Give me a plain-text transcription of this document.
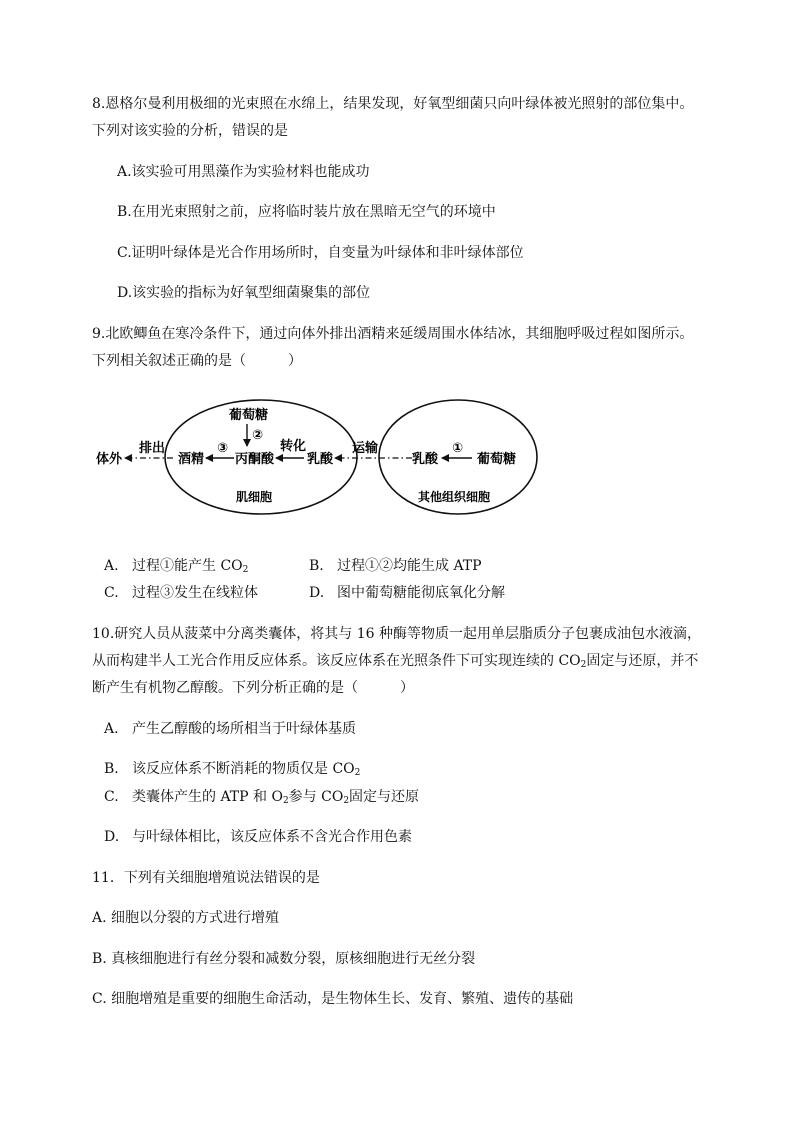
8.恩格尔曼利用极细的光束照在水绵上，结果发现，好氧型细菌只向叶绿体被光照射的部位集中。
下列对该实验的分析，错误的是
A.该实验可用黑藻作为实验材料也能成功
B.在用光束照射之前，应将临时装片放在黑暗无空气的环境中
C.证明叶绿体是光合作用场所时，自变量为叶绿体和非叶绿体部位
D.该实验的指标为好氧型细菌聚集的部位
9.北欧鲫鱼在寒冷条件下，通过向体外排出酒精来延缓周围水体结冰，其细胞呼吸过程如图所示。
下列相关叙述正确的是（　　　）
体外
排出
酒精
③
葡萄糖
②
丙酮酸
转化
乳酸
运输
乳酸
①
葡萄糖
肌细胞	其他组织细胞
A. 过程①能产生 $CO_2$	B. 过程①②均能生成 ATP
C. 过程③发生在线粒体	D. 图中葡萄糖能彻底氧化分解
10.研究人员从菠菜中分离类囊体，将其与 16 种酶等物质一起用单层脂质分子包裹成油包水液滴，
从而构建半人工光合作用反应体系。该反应体系在光照条件下可实现连续的 $CO_2$固定与还原，并不
断产生有机物乙醇酸。下列分析正确的是（　　　）
A. 产生乙醇酸的场所相当于叶绿体基质
B. 该反应体系不断消耗的物质仅是 $CO_2$
C. 类囊体产生的 ATP 和 $O_2$参与 $CO_2$固定与还原
D. 与叶绿体相比，该反应体系不含光合作用色素
11．下列有关细胞增殖说法错误的是
A. 细胞以分裂的方式进行增殖
B. 真核细胞进行有丝分裂和减数分裂，原核细胞进行无丝分裂
C. 细胞增殖是重要的细胞生命活动，是生物体生长、发育、繁殖、遗传的基础
